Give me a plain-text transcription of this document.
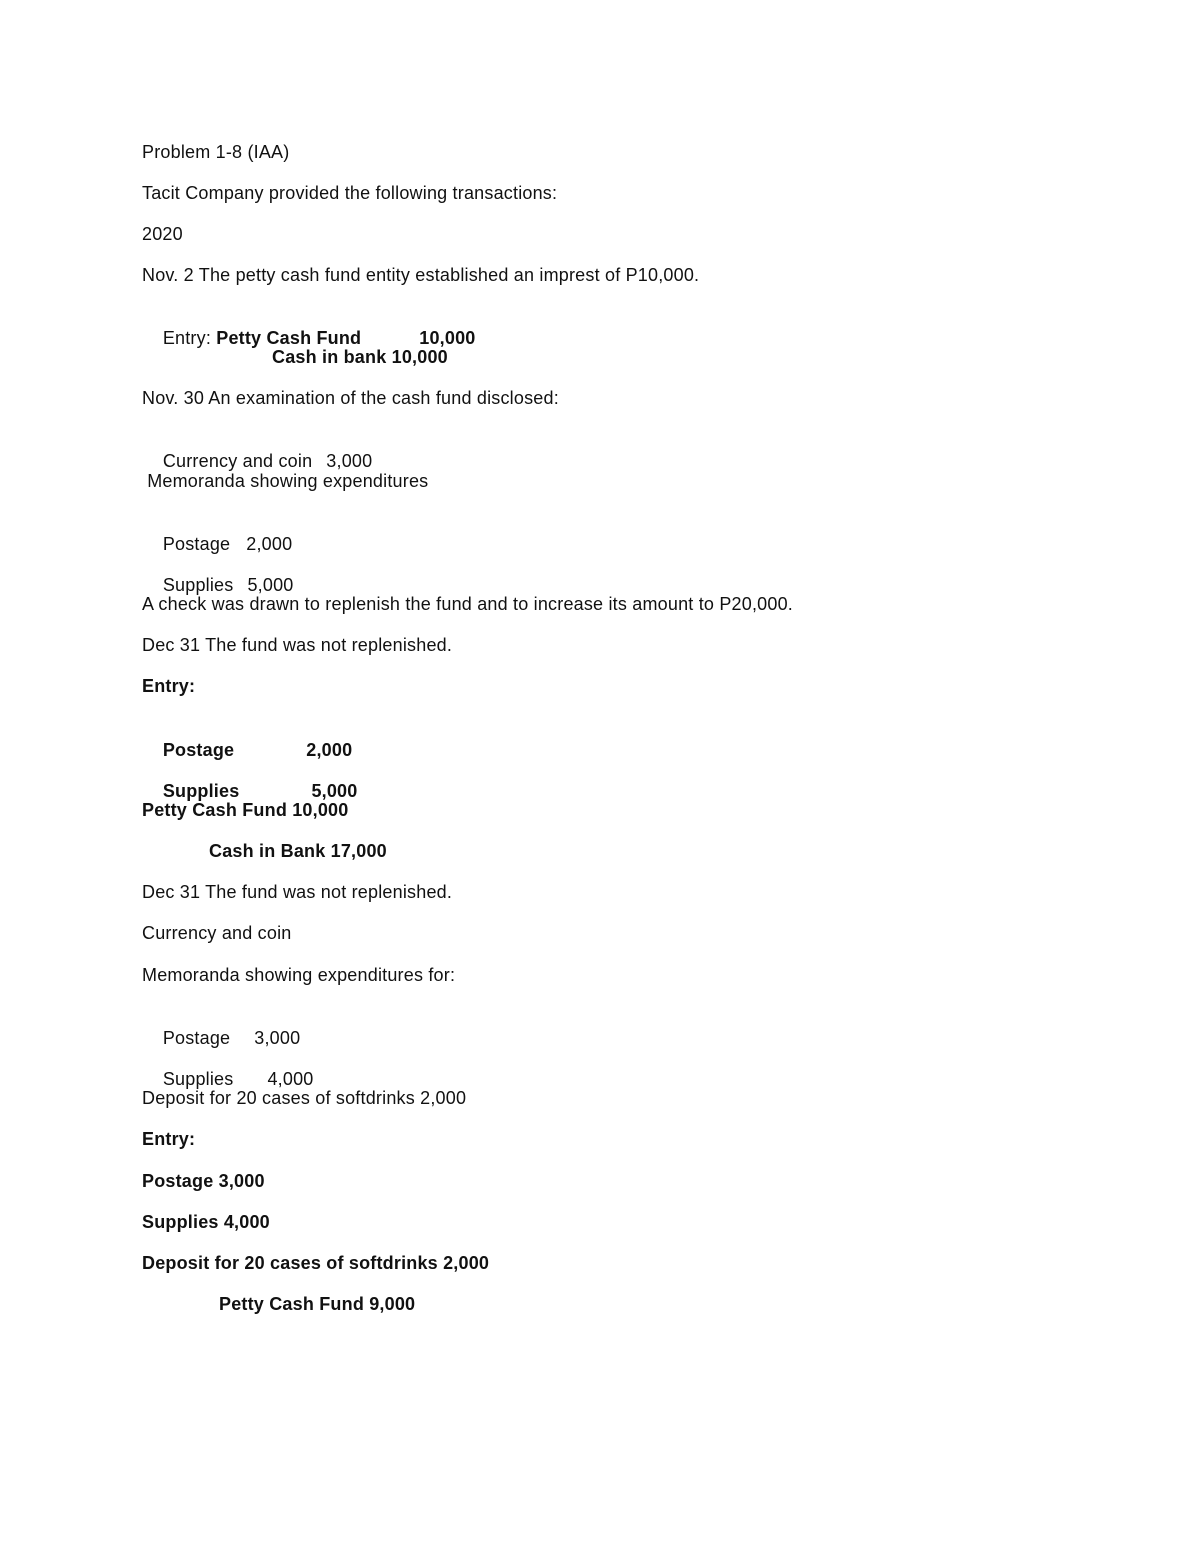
Problem 1-8 (IAA)
Tacit Company provided the following transactions:
2020
Nov. 2 The petty cash fund entity established an imprest of P10,000.

Entry: Petty Cash Fund	10,000

Cash in bank 10,000
Nov. 30 An examination of the cash fund disclosed:

Currency and coin 3,000

Memoranda showing expenditures

Postage 2,000

Supplies 5,000

A check was drawn to replenish the fund and to increase its amount to P20,000.
Dec 31 The fund was not replenished.
Entry:

Postage	2,000

Supplies	5,000

Petty Cash Fund 10,000
Cash in Bank 17,000
Dec 31 The fund was not replenished.
Currency and coin
Memoranda showing expenditures for:

Postage 3,000

Supplies 4,000

Deposit for 20 cases of softdrinks 2,000
Entry:
Postage 3,000
Supplies 4,000
Deposit for 20 cases of softdrinks 2,000
Petty Cash Fund 9,000
